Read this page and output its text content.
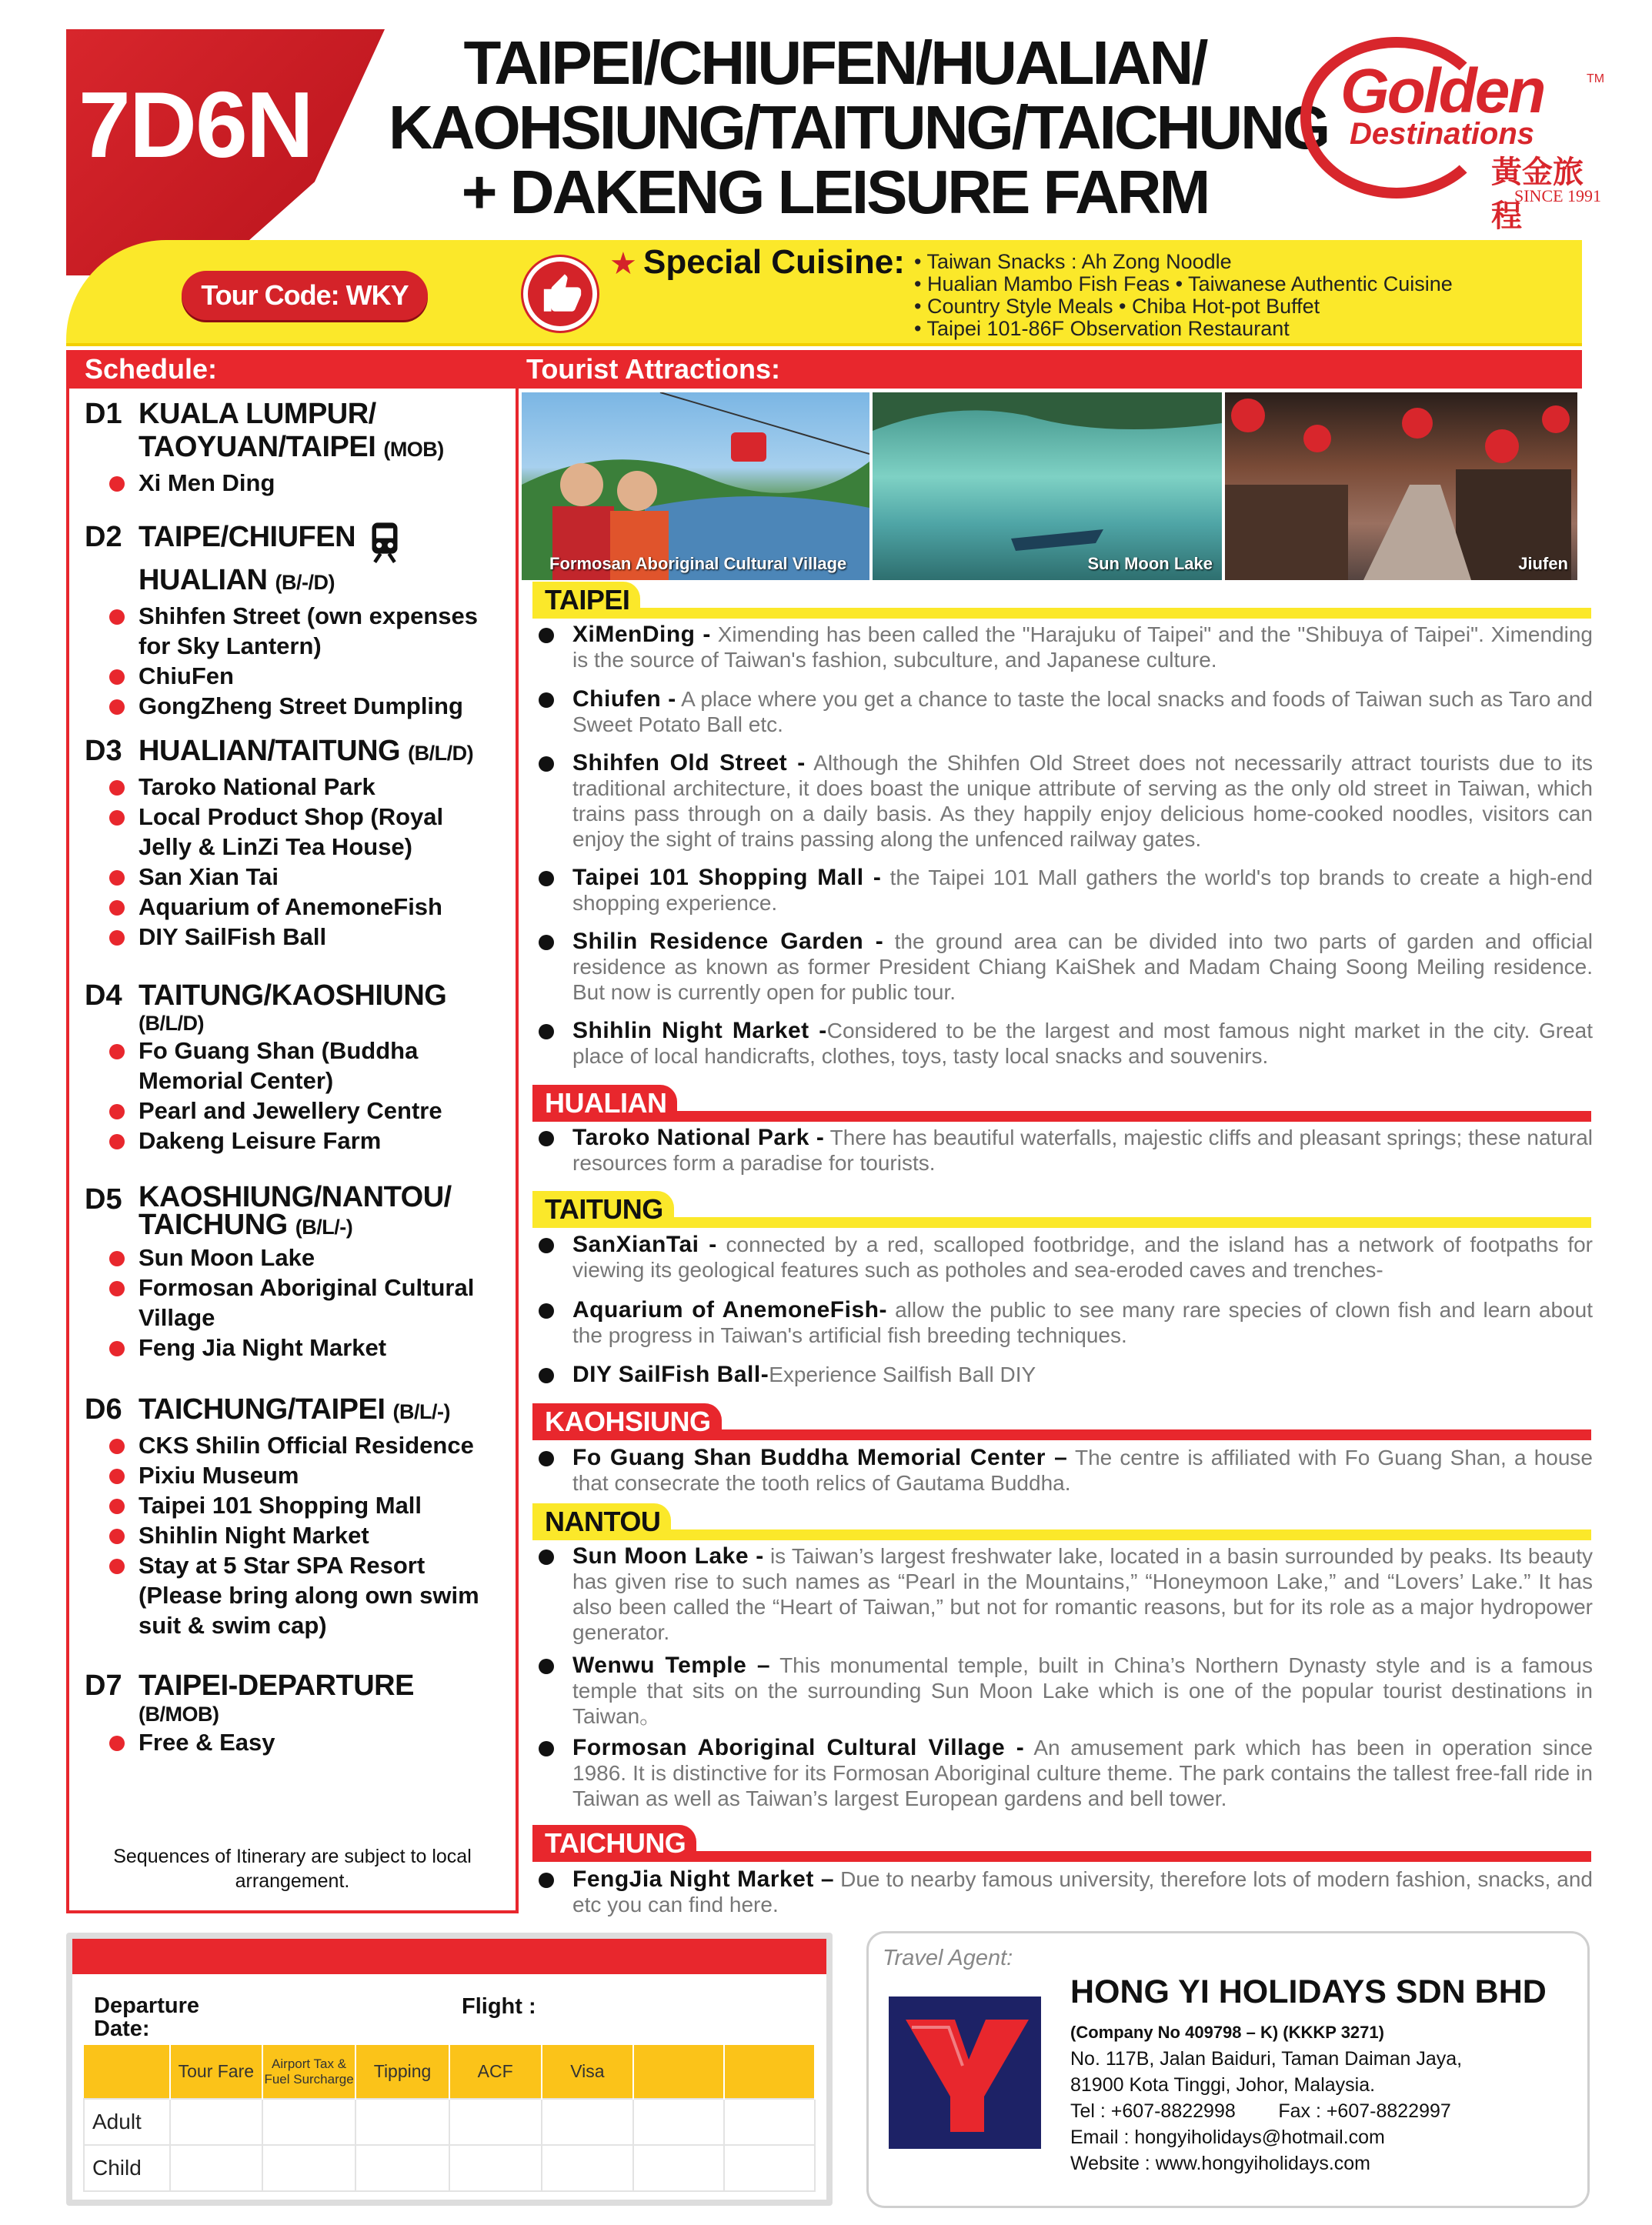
7D6N
TAIPEI/CHIUFEN/HUALIAN/
KAOHSIUNG/TAITUNG/TAICHUNG
+ DAKENG LEISURE FARM
Golden	TM
Destinations
黃金旅程
SINCE 1991
Tour Code: WKY
★ Special Cuisine: • Taiwan Snacks : Ah Zong Noodle
• Hualian Mambo Fish Feas • Taiwanese Authentic Cuisine
• Country Style Meals • Chiba Hot-pot Buffet
• Taipei 101-86F Observation Restaurant
Schedule:	Tourist Attractions:
D1 KUALA LUMPUR/
TAOYUAN/TAIPEI (MOB)
Xi Men Ding
D2 TAIPE/CHIUFEN
HUALIAN (B/-/D)
Shihfen Street (own expenses
for Sky Lantern)
ChiuFen
GongZheng Street Dumpling
D3 HUALIAN/TAITUNG (B/L/D)
Taroko National Park
Local Product Shop (Royal
Jelly & LinZi Tea House)
San Xian Tai
Aquarium of AnemoneFish
DIY SailFish Ball
D4 TAITUNG/KAOSHIUNG
(B/L/D)
Fo Guang Shan (Buddha
Memorial Center)
Pearl and Jewellery Centre
Dakeng Leisure Farm
D5 KAOSHIUNG/NANTOU/
TAICHUNG (B/L/-)
Sun Moon Lake
Formosan Aboriginal Cultural
Village
Feng Jia Night Market
D6 TAICHUNG/TAIPEI (B/L/-)
CKS Shilin Official Residence
Pixiu Museum
Taipei 101 Shopping Mall
Shihlin Night Market
Stay at 5 Star SPA Resort
(Please bring along own swim
suit & swim cap)
D7 TAIPEI-DEPARTURE
(B/MOB)
Free & Easy
Sequences of Itinerary are subject to local arrangement.
Formosan Aboriginal Cultural Village	Sun Moon Lake	Jiufen
TAIPEI
XiMenDing - Ximending has been called the "Harajuku of Taipei" and the "Shibuya of Taipei". Ximending is the source of Taiwan's fashion, subculture, and Japanese culture.
Chiufen - A place where you get a chance to taste the local snacks and foods of Taiwan such as Taro and Sweet Potato Ball etc.
Shihfen Old Street - Although the Shihfen Old Street does not necessarily attract tourists due to its traditional architecture, it does boast the unique attribute of serving as the only old street in Taiwan, which trains pass through on a daily basis. As they happily enjoy delicious home-cooked noodles, visitors can enjoy the sight of trains passing along the unfenced railway gates.
Taipei 101 Shopping Mall - the Taipei 101 Mall gathers the world's top brands to create a high-end shopping experience.
Shilin Residence Garden - the ground area can be divided into two parts of garden and official residence as known as former President Chiang KaiShek and Madam Chaing Soong Meiling residence. But now is currently open for public tour.
Shihlin Night Market -Considered to be the largest and most famous night market in the city. Great place of local handicrafts, clothes, toys, tasty local snacks and souvenirs.
HUALIAN
Taroko National Park - There has beautiful waterfalls, majestic cliffs and pleasant springs; these natural resources form a paradise for tourists.
TAITUNG
SanXianTai - connected by a red, scalloped footbridge, and the island has a network of footpaths for viewing its geological features such as potholes and sea-eroded caves and trenches-
Aquarium of AnemoneFish- allow the public to see many rare species of clown fish and learn about the progress in Taiwan's artificial fish breeding techniques.
DIY SailFish Ball-Experience Sailfish Ball DIY
KAOHSIUNG
Fo Guang Shan Buddha Memorial Center – The centre is affiliated with Fo Guang Shan, a house that consecrate the tooth relics of Gautama Buddha.
NANTOU
Sun Moon Lake - is Taiwan’s largest freshwater lake, located in a basin surrounded by peaks. Its beauty has given rise to such names as “Pearl in the Mountains,” “Honeymoon Lake,” and “Lovers’ Lake.” It has also been called the “Heart of Taiwan,” but not for romantic reasons, but for its role as a major hydropower generator.
Wenwu Temple – This monumental temple, built in China’s Northern Dynasty style and is a famous temple that sits on the surrounding Sun Moon Lake which is one of the popular tourist destinations in Taiwan。
Formosan Aboriginal Cultural Village - An amusement park which has been in operation since 1986. It is distinctive for its Formosan Aboriginal culture theme. The park contains the tallest free-fall ride in Taiwan as well as Taiwan’s largest European gardens and bell tower.
TAICHUNG
FengJia Night Market – Due to nearby famous university, therefore lots of modern fashion, snacks, and etc you can find here.
Departure Date:
Flight :
	Tour Fare	Airport Tax & Fuel Surcharge	Tipping	ACF	Visa		
Adult							
Child							
Travel Agent:
HONG YI HOLIDAYS SDN BHD
(Company No 409798 – K) (KKKP 3271)
No. 117B, Jalan Baiduri, Taman Daiman Jaya,
81900 Kota Tinggi, Johor, Malaysia.
Tel : +607-8822998        Fax : +607-8822997
Email : hongyiholidays@hotmail.com
Website : www.hongyiholidays.com
